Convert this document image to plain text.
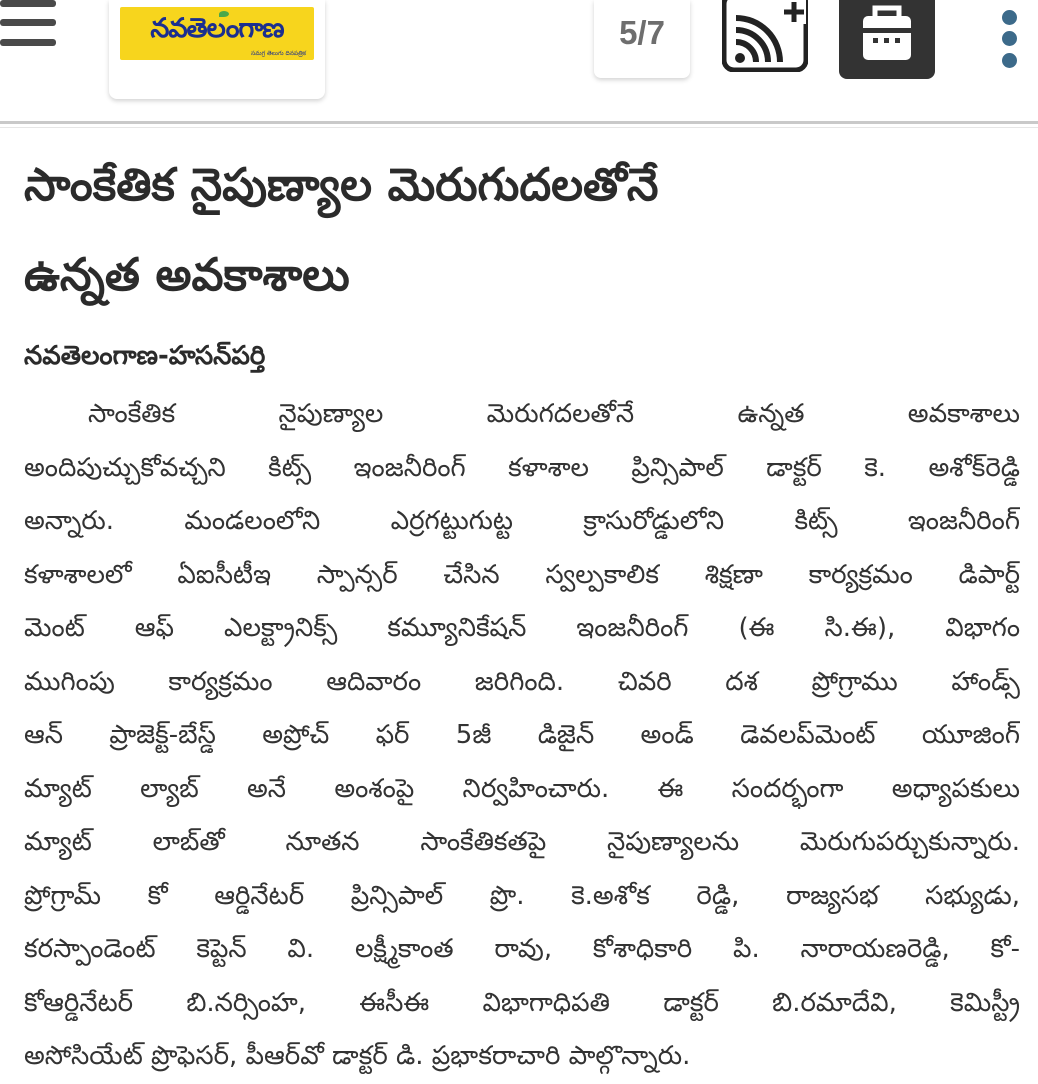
నవతెలంగాణ
సమగ్ర తెలుగు దినపత్రిక
5/7
సాంకేతిక నైపుణ్యాల మెరుగుదలతోనే
ఉన్నత అవకాశాలు
నవతెలంగాణ-హసన్‌పర్తి
సాంకేతిక నైపుణ్యాల మెరుగదలతోనే ఉన్నత అవకాశాలు
అందిపుచ్చుకోవచ్చని కిట్స్ ఇంజనీరింగ్ కళాశాల ప్రిన్సిపాల్ డాక్టర్ కె. అశోక్‌రెడ్డి
అన్నారు. మండలంలోని ఎర్రగట్టుగుట్ట క్రాసురోడ్డులోని కిట్స్ ఇంజనీరింగ్
కళాశాలలో ఏఐసీటీఇ స్పాన్సర్ చేసిన స్వల్పకాలిక శిక్షణా కార్యక్రమం డిపార్ట్
మెంట్ ఆఫ్ ఎలక్ట్రానిక్స్ కమ్యూనికేషన్ ఇంజనీరింగ్ (ఈ సి.ఈ), విభాగం
ముగింపు కార్యక్రమం ఆదివారం జరిగింది. చివరి దశ ప్రోగ్రాము హాండ్స్
ఆన్ ప్రాజెక్ట్-బేస్డ్ అప్రోచ్ ఫర్ 5జీ డిజైన్ అండ్ డెవలప్‌మెంట్ యూజింగ్
మ్యాట్ ల్యాబ్ అనే అంశంపై నిర్వహించారు. ఈ సందర్భంగా అధ్యాపకులు
మ్యాట్ లాబ్‌తో నూతన సాంకేతికతపై నైపుణ్యాలను మెరుగుపర్చుకున్నారు.
ప్రోగ్రామ్ కో ఆర్డినేటర్ ప్రిన్సిపాల్ ప్రొ. కె.అశోక రెడ్డి, రాజ్యసభ సభ్యుడు,
కరస్పాండెంట్ కెప్టెన్ వి. లక్ష్మీకాంత రావు, కోశాధికారి పి. నారాయణరెడ్డి, కో-
కోఆర్డినేటర్ బి.నర్సింహ, ఈసీఈ విభాగాధిపతి డాక్టర్ బి.రమాదేవి, కెమిస్ట్రీ
అసోసియేట్ ప్రొఫెసర్, పీఆర్‌వో డాక్టర్ డి. ప్రభాకరాచారి పాల్గొన్నారు.
